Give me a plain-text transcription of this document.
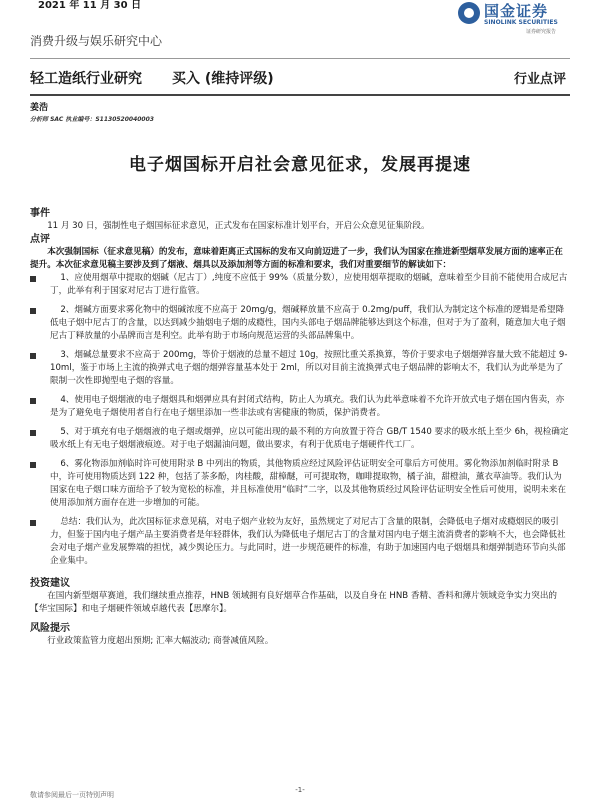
2021 年 11 月 30 日	国金证券
SINOLINK SECURITIES
证券研究报告
消费升级与娱乐研究中心
轻工造纸行业研究 买入 (维持评级)	行业点评
姜浩
分析师 SAC 执业编号：S1130520040003
电子烟国标开启社会意见征求，发展再提速

事件

11 月 30 日，强制性电子烟国标征求意见，正式发布在国家标准计划平台，开启公众意见征集阶段。

点评

本次强制国标（征求意见稿）的发布，意味着距离正式国标的发布又向前迈进了一步，我们认为国家在推进新型烟草发展方面的速率正在提升。本次征求意见稿主要涉及到了烟液、烟具以及添加剂等方面的标准和要求，我们对重要细节的解读如下：

1、应使用烟草中提取的烟碱（尼古丁）,纯度不应低于 99%（质量分数），应使用烟草提取的烟碱，意味着至少目前不能使用合成尼古丁，此举有利于国家对尼古丁进行监管。
2、烟碱方面要求雾化物中的烟碱浓度不应高于 20mg/g，烟碱释放量不应高于 0.2mg/puff，我们认为制定这个标准的逻辑是希望降低电子烟中尼古丁的含量，以达到减少抽烟电子烟的成瘾性，国内头部电子烟品牌能够达到这个标准，但对于为了盈利，随意加大电子烟尼古丁释放量的小品牌而言是利空。此举有助于市场向规范运营的头部品牌集中。
3、烟碱总量要求不应高于 200mg，等价于烟液的总量不超过 10g，按照比重关系换算，等价于要求电子烟烟弹容量大致不能超过 9-10ml，鉴于市场上主流的换弹式电子烟的烟弹容量基本处于 2ml，所以对目前主流换弹式电子烟品牌的影响太不，我们认为此举是为了限制一次性即抛型电子烟的容量。
4、使用电子烟烟液的电子烟烟具和烟弹应具有封闭式结构，防止人为填充。我们认为此举意味着不允许开放式电子烟在国内售卖，亦是为了避免电子烟使用者自行在电子烟里添加一些非法或有害健康的物质，保护消费者。
5、对于填充有电子烟烟液的电子烟或烟弹，应以可能出现的最不利的方向放置于符合 GB/T 1540 要求的吸水纸上至少 6h，视检确定吸水纸上有无电子烟烟液痕迹。对于电子烟漏油问题，做出要求，有利于优质电子烟硬件代工厂。
6、雾化物添加剂临时许可使用附录 B 中列出的物质，其他物质应经过风险评估证明安全可靠后方可使用。雾化物添加剂临时附录 B 中，许可使用物质达到 122 种，包括了茶多酚，肉桂酸，甜樟醚，可可提取物，咖啡提取物，橘子油，甜橙油，薰衣草油等。我们认为国家在电子烟口味方面给予了较为宽松的标准，并且标准使用“临时”二字，以及其他物质经过风险评估证明安全性后可使用，说明未来在使用添加剂方面存在进一步增加的可能。
总结：我们认为，此次国标征求意见稿，对电子烟产业较为友好，虽然规定了对尼古丁含量的限制，会降低电子烟对成瘾烟民的吸引力，但鉴于国内电子烟产品主要消费者是年轻群体，我们认为降低电子烟尼古丁的含量对国内电子烟主流消费者的影响不大，也会降低社会对电子烟产业发展弊端的担忧，减少舆论压力。与此同时，进一步规范硬件的标准，有助于加速国内电子烟烟具和烟弹制造环节向头部企业集中。

投资建议

在国内新型烟草赛道，我们继续重点推荐，HNB 领域拥有良好烟草合作基础，以及自身在 HNB 香精、香料和薄片领域竞争实力突出的【华宝国际】和电子烟硬件领域卓越代表【思摩尔】。

风险提示

行业政策监管力度超出预期; 汇率大幅波动; 商誉减值风险。

-1-
敬请参阅最后一页特别声明
